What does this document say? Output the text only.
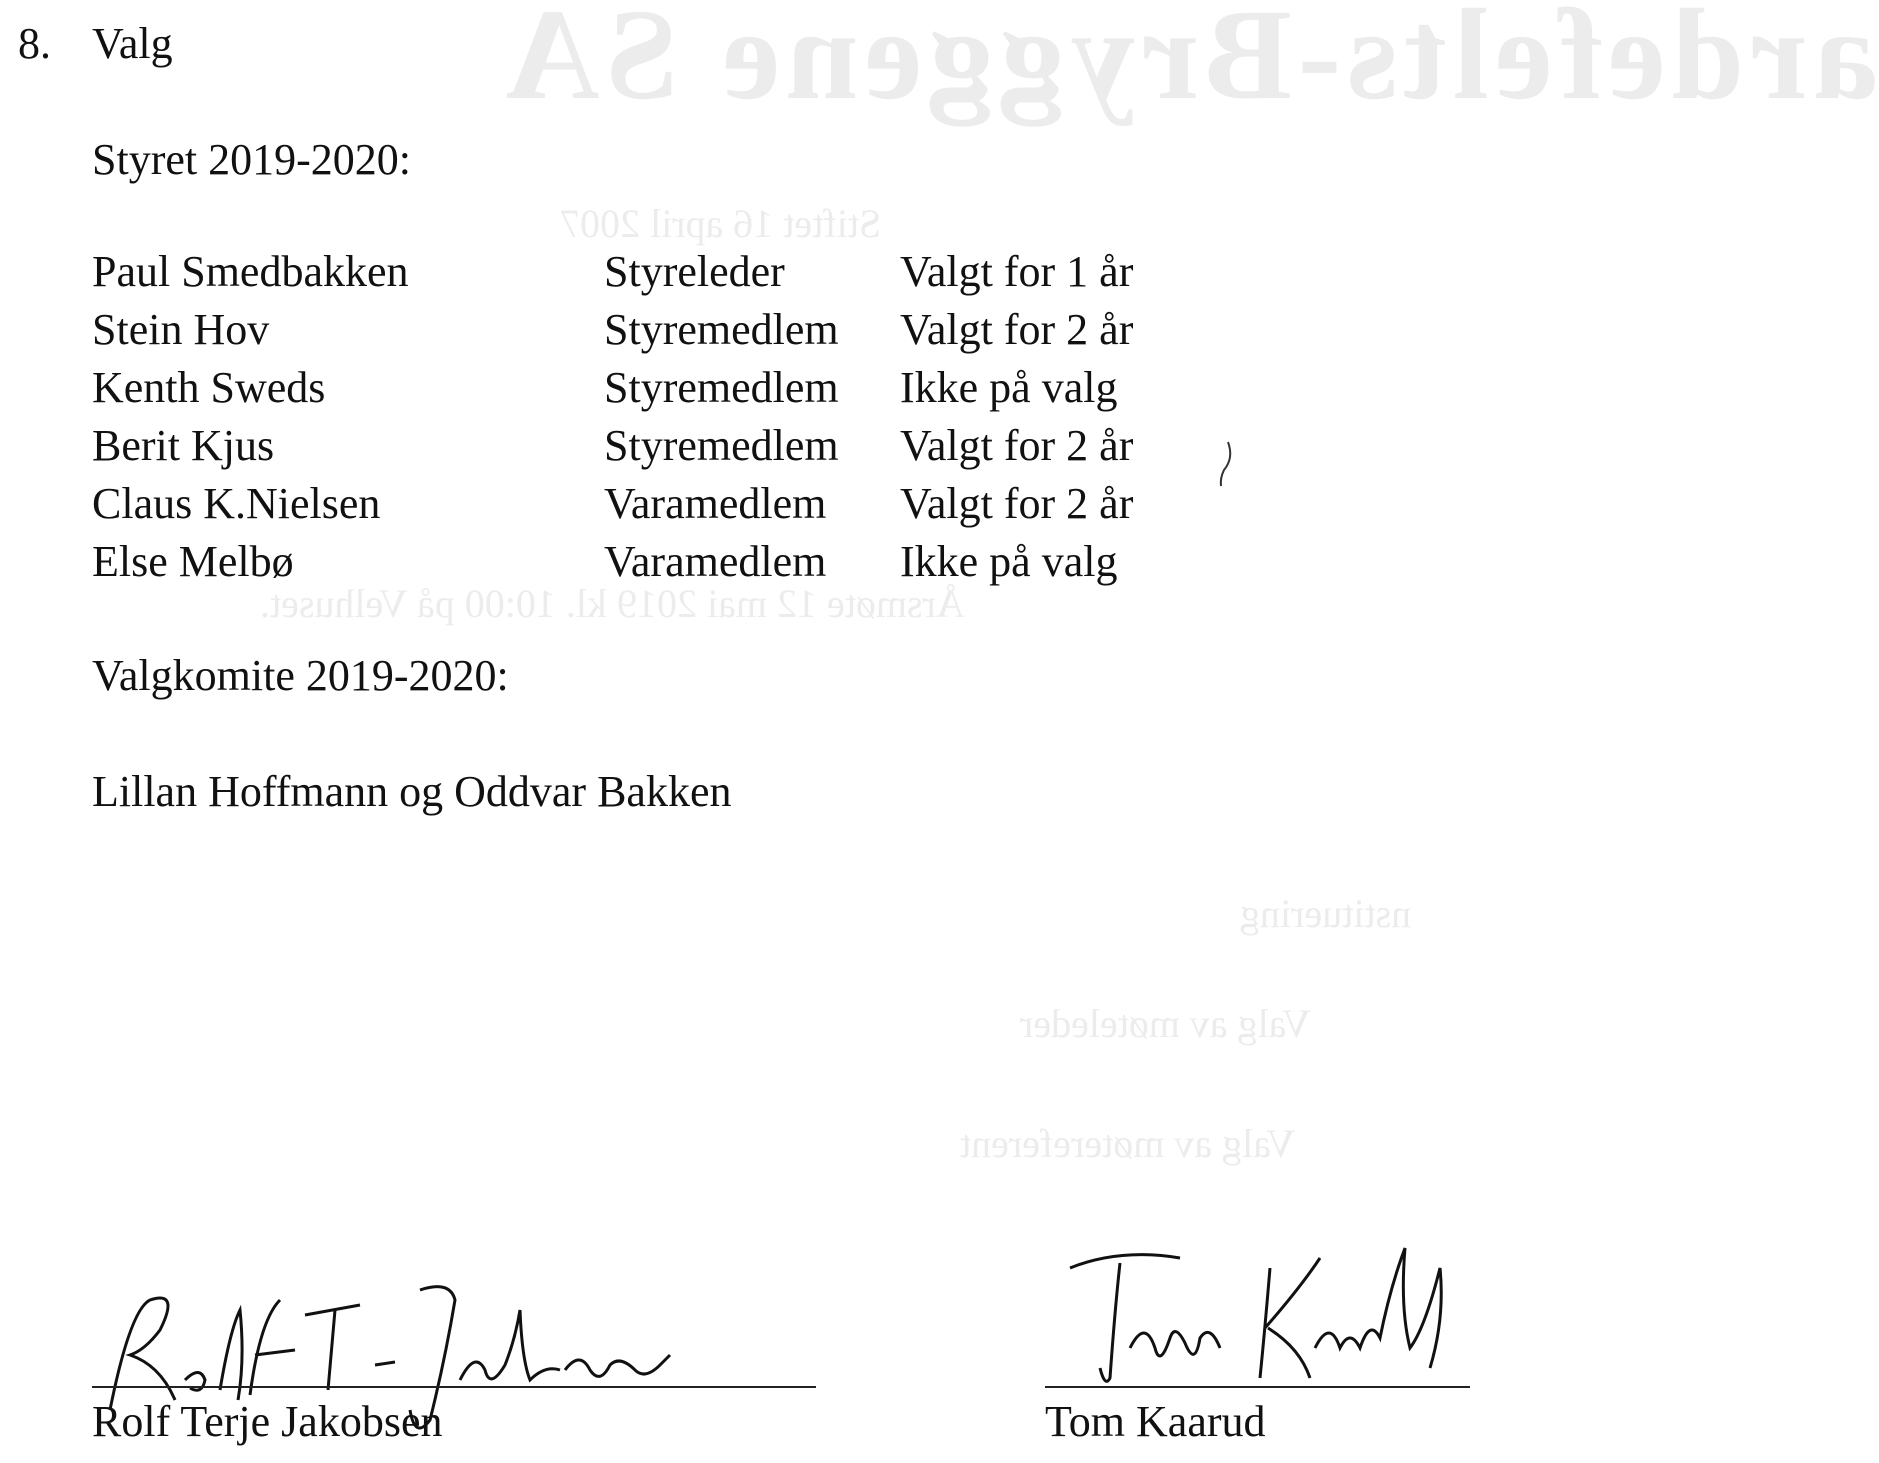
ardefelts-Bryggene SA
Stiftet 16 april 2007
Årsmøte 12 mai 2019 kl. 10:00 på Velhuset.
nstituering
Valg av møteleder
Valg av møtereferent
8. Valg
Styret 2019-2020:
Paul Smedbakken	Styreleder	Valgt for 1 år
Stein Hov	Styremedlem Valgt for 2 år
Kenth Sweds	Styremedlem Ikke på valg
Berit Kjus	Styremedlem Valgt for 2 år
Claus K.Nielsen	Varamedlem Valgt for 2 år
Else Melbø	Varamedlem Ikke på valg
Valgkomite 2019-2020:
Lillan Hoffmann og Oddvar Bakken
Rolf Terje Jakobsen	Tom Kaarud
